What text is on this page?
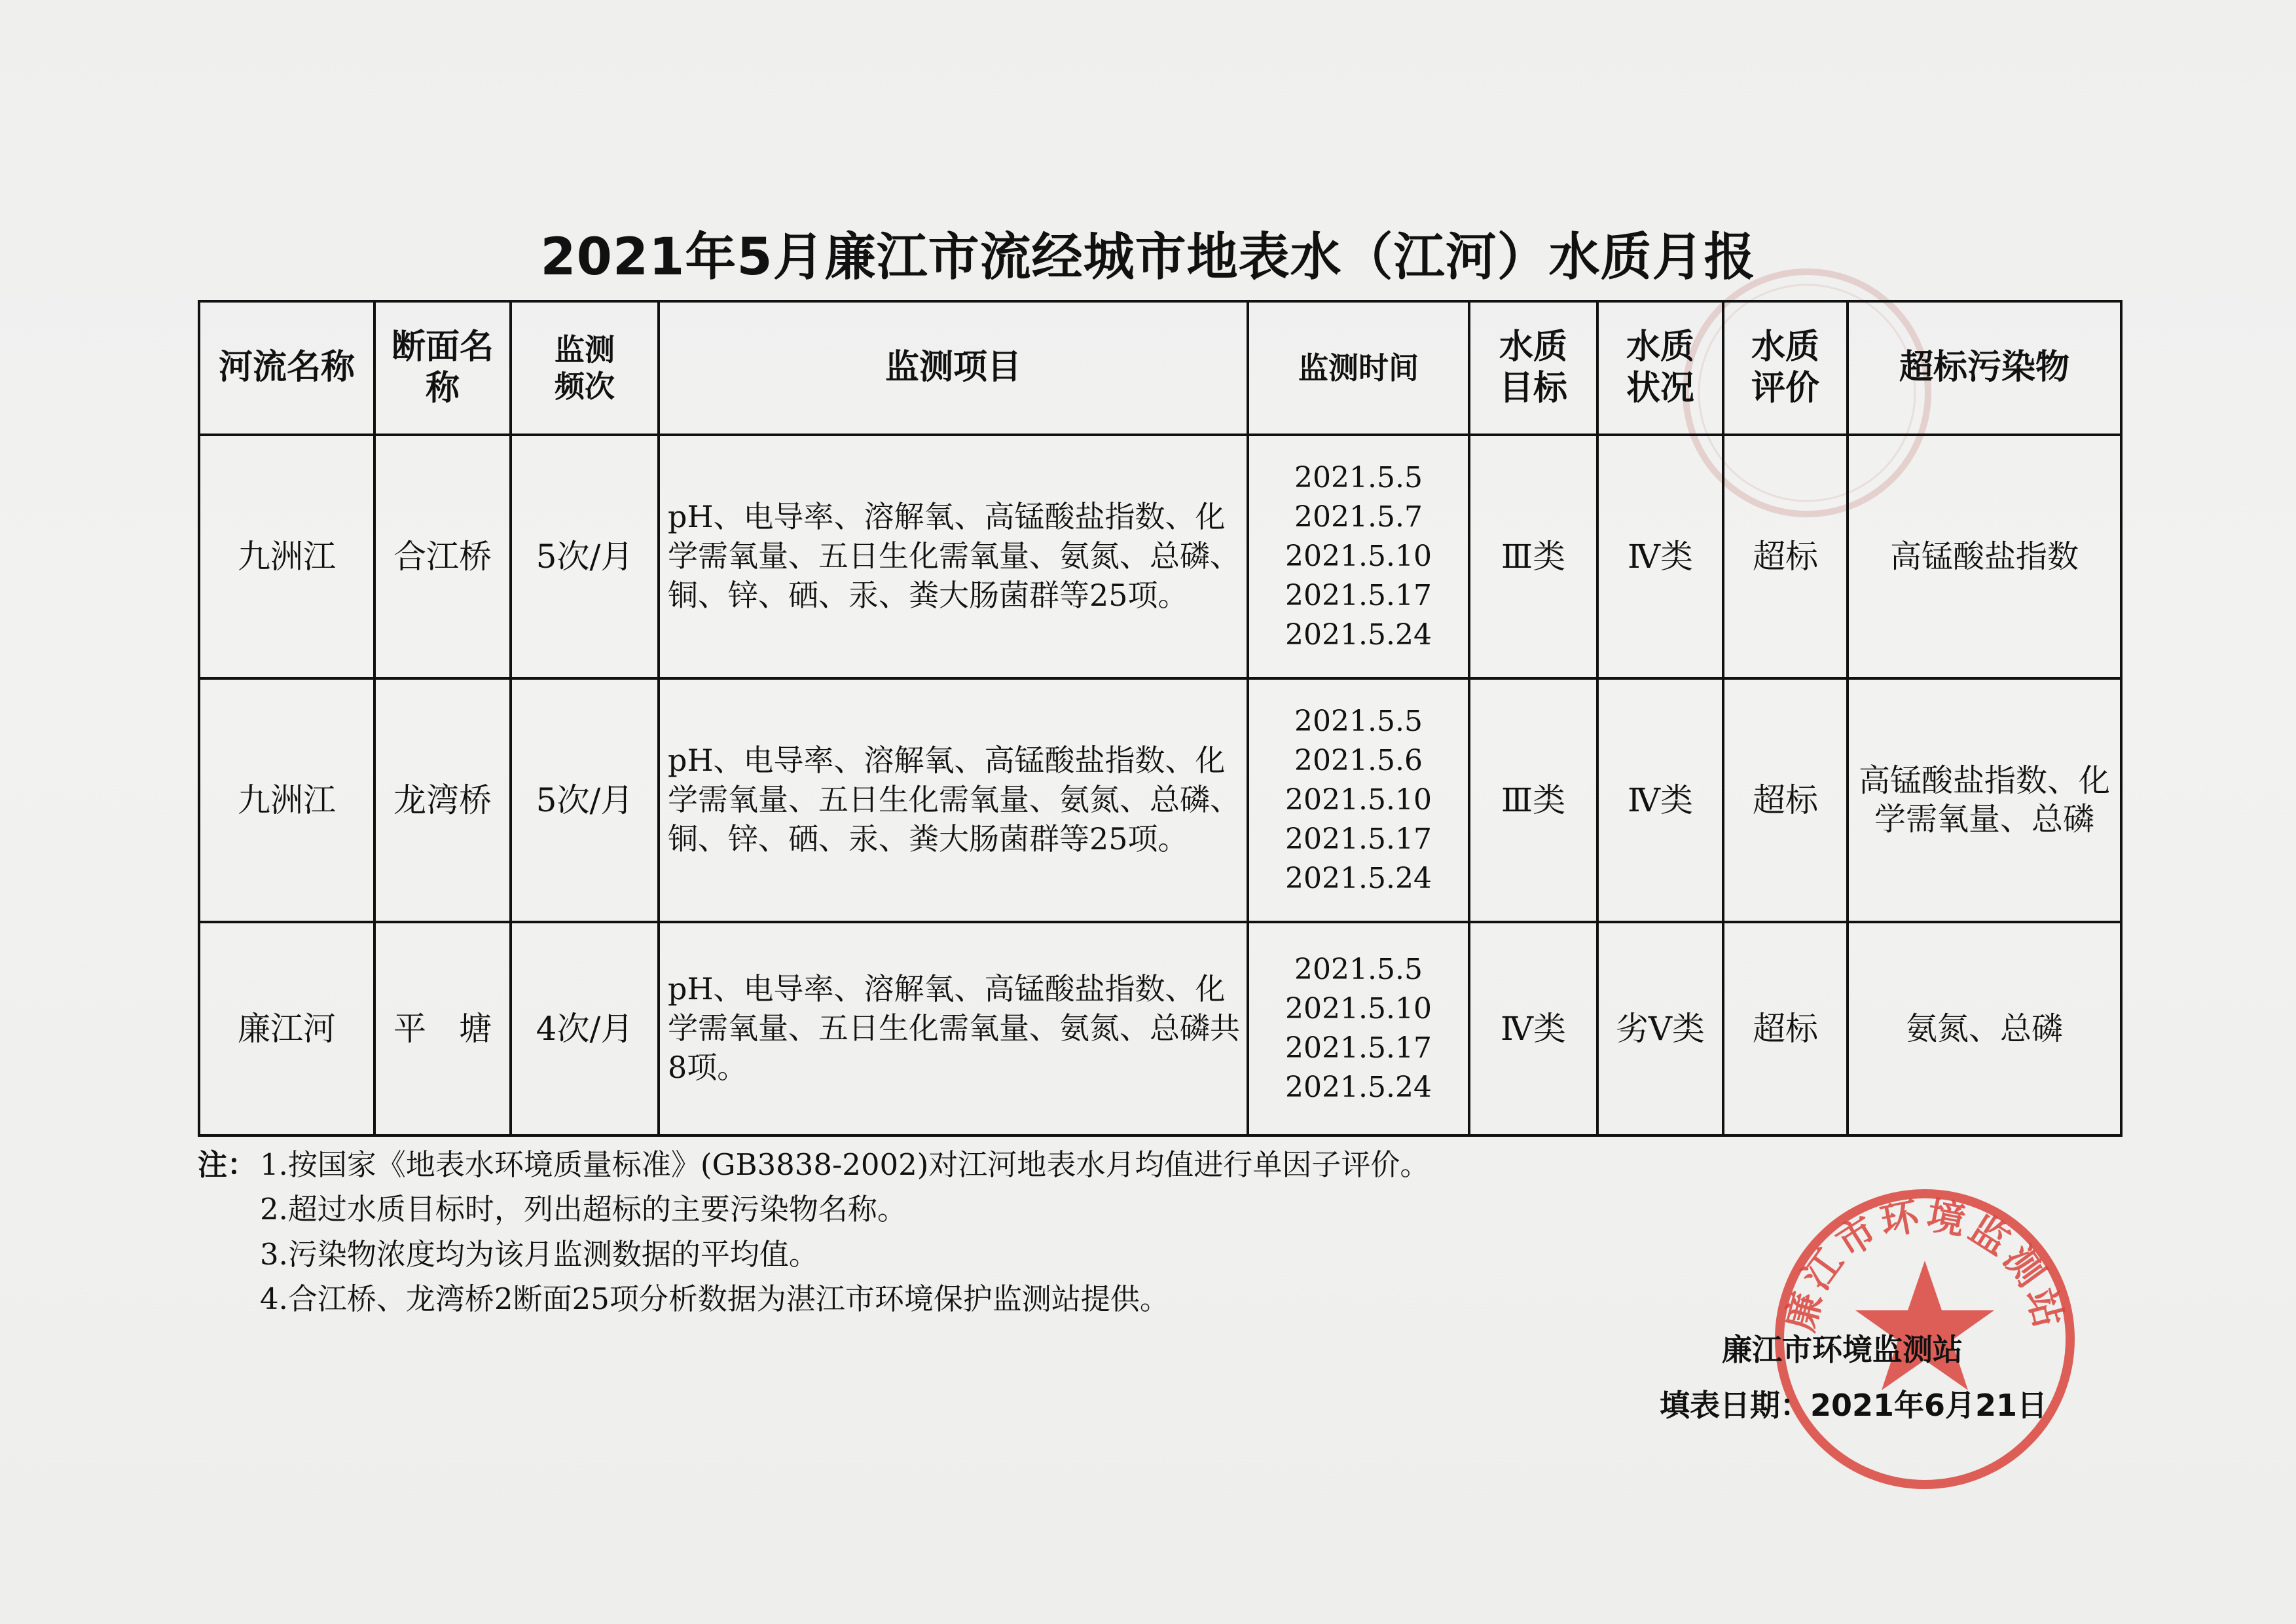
2021年5月廉江市流经城市地表水（江河）水质月报
河流名称	断面名称	监测频次	监测项目	监测时间	水质目标	水质状况	水质评价	超标污染物
九洲江	合江桥	5次/月	pH、电导率、溶解氧、高锰酸盐指数、化学需氧量、五日生化需氧量、氨氮、总磷、铜、锌、硒、汞、粪大肠菌群等25项。	2021.5.5
2021.5.7
2021.5.10
2021.5.17
2021.5.24	Ⅲ类	Ⅳ类	超标	高锰酸盐指数
九洲江	龙湾桥	5次/月	pH、电导率、溶解氧、高锰酸盐指数、化学需氧量、五日生化需氧量、氨氮、总磷、铜、锌、硒、汞、粪大肠菌群等25项。	2021.5.5
2021.5.6
2021.5.10
2021.5.17
2021.5.24	Ⅲ类	Ⅳ类	超标	高锰酸盐指数、化学需氧量、总磷
廉江河	平　塘	4次/月	pH、电导率、溶解氧、高锰酸盐指数、化学需氧量、五日生化需氧量、氨氮、总磷共8项。	2021.5.5
2021.5.10
2021.5.17
2021.5.24	Ⅳ类	劣Ⅴ类	超标	氨氮、总磷
注： 1.按国家《地表水环境质量标准》(GB3838-2002)对江河地表水月均值进行单因子评价。
2.超过水质目标时，列出超标的主要污染物名称。
3.污染物浓度均为该月监测数据的平均值。
4.合江桥、龙湾桥2断面25项分析数据为湛江市环境保护监测站提供。	廉江市环境监测站
廉江市环境监测站
填表日期：2021年6月21日
